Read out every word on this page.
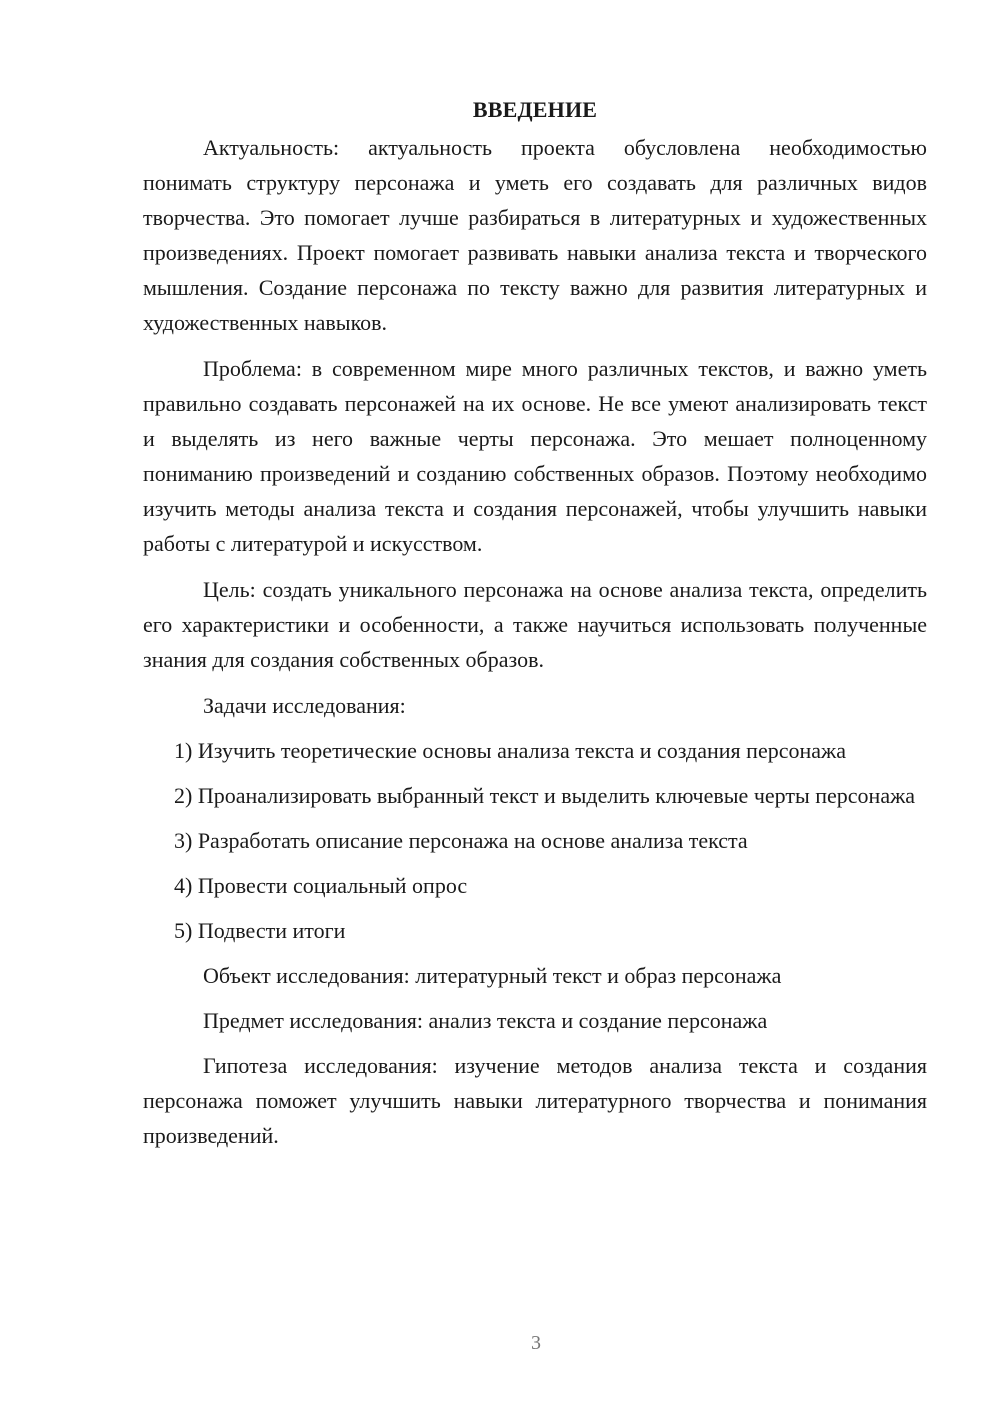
ВВЕДЕНИЕ

Актуальность: актуальность проекта обусловлена необходимостью понимать структуру персонажа и уметь его создавать для различных видов творчества. Это помогает лучше разбираться в литературных и художественных произведениях. Проект помогает развивать навыки анализа текста и творческого мышления. Создание персонажа по тексту важно для развития литературных и художественных навыков.

Проблема: в современном мире много различных текстов, и важно уметь правильно создавать персонажей на их основе. Не все умеют анализировать текст и выделять из него важные черты персонажа. Это мешает полноценному пониманию произведений и созданию собственных образов. Поэтому необходимо изучить методы анализа текста и создания персонажей, чтобы улучшить навыки работы с литературой и искусством.

Цель: создать уникального персонажа на основе анализа текста, определить его характеристики и особенности, а также научиться использовать полученные знания для создания собственных образов.

Задачи исследования:

1) Изучить теоретические основы анализа текста и создания персонажа

2) Проанализировать выбранный текст и выделить ключевые черты персонажа

3) Разработать описание персонажа на основе анализа текста

4) Провести социальный опрос

5) Подвести итоги

Объект исследования: литературный текст и образ персонажа

Предмет исследования: анализ текста и создание персонажа

Гипотеза исследования: изучение методов анализа текста и создания персонажа поможет улучшить навыки литературного творчества и понимания произведений.

3
